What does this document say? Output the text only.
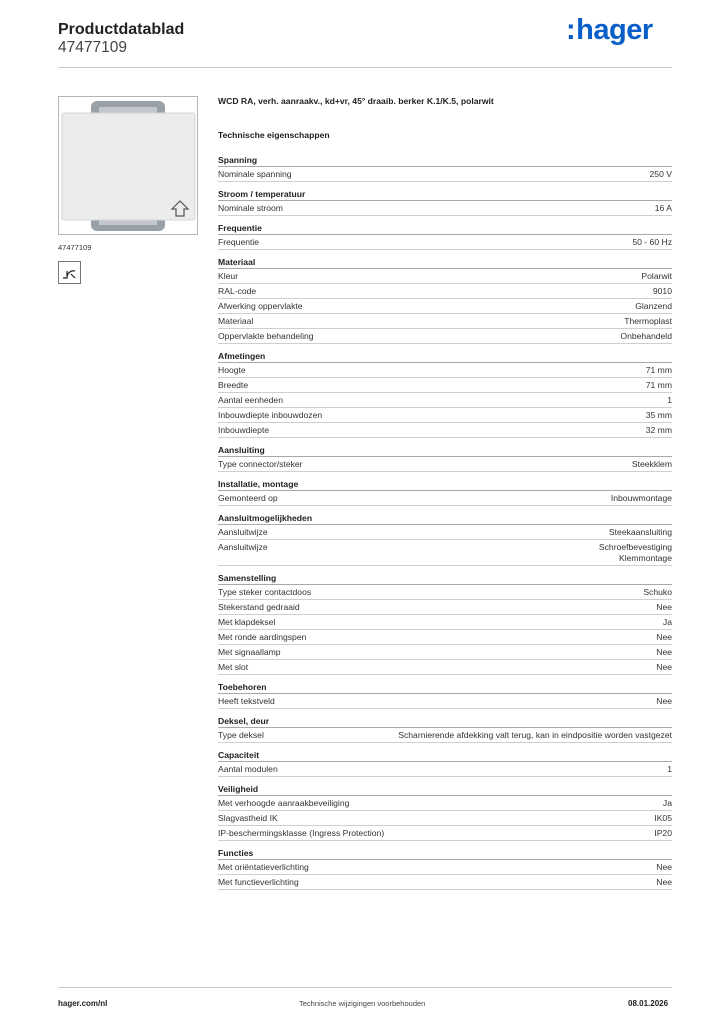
Productdatablad
47477109
:hager
47477109
WCD RA, verh. aanraakv., kd+vr, 45° draaib. berker K.1/K.5, polarwit
Technische eigenschappen
Spanning
Nominale spanning	250 V
Stroom / temperatuur
Nominale stroom	16 A
Frequentie
Frequentie	50 - 60 Hz
Materiaal
Kleur	Polarwit
RAL-code	9010
Afwerking oppervlakte	Glanzend
Materiaal	Thermoplast
Oppervlakte behandeling	Onbehandeld
Afmetingen
Hoogte	71 mm
Breedte	71 mm
Aantal eenheden	1
Inbouwdiepte inbouwdozen	35 mm
Inbouwdiepte	32 mm
Aansluiting
Type connector/steker	Steekklem
Installatie, montage
Gemonteerd op	Inbouwmontage
Aansluitmogelijkheden
Aansluitwijze	Steekaansluiting
Aansluitwijze	Schroefbevestiging
Klemmontage
Samenstelling
Type steker contactdoos	Schuko
Stekerstand gedraaid	Nee
Met klapdeksel	Ja
Met ronde aardingspen	Nee
Met signaallamp	Nee
Met slot	Nee
Toebehoren
Heeft tekstveld	Nee
Deksel, deur
Type deksel	Scharnierende afdekking valt terug, kan in eindpositie worden vastgezet
Capaciteit
Aantal modulen	1
Veiligheid
Met verhoogde aanraakbeveiliging	Ja
Slagvastheid IK	IK05
IP-beschermingsklasse (Ingress Protection)	IP20
Functies
Met oriëntatieverlichting	Nee
Met functieverlichting	Nee
hager.com/nl	Technische wijzigingen voorbehouden	08.01.2026
